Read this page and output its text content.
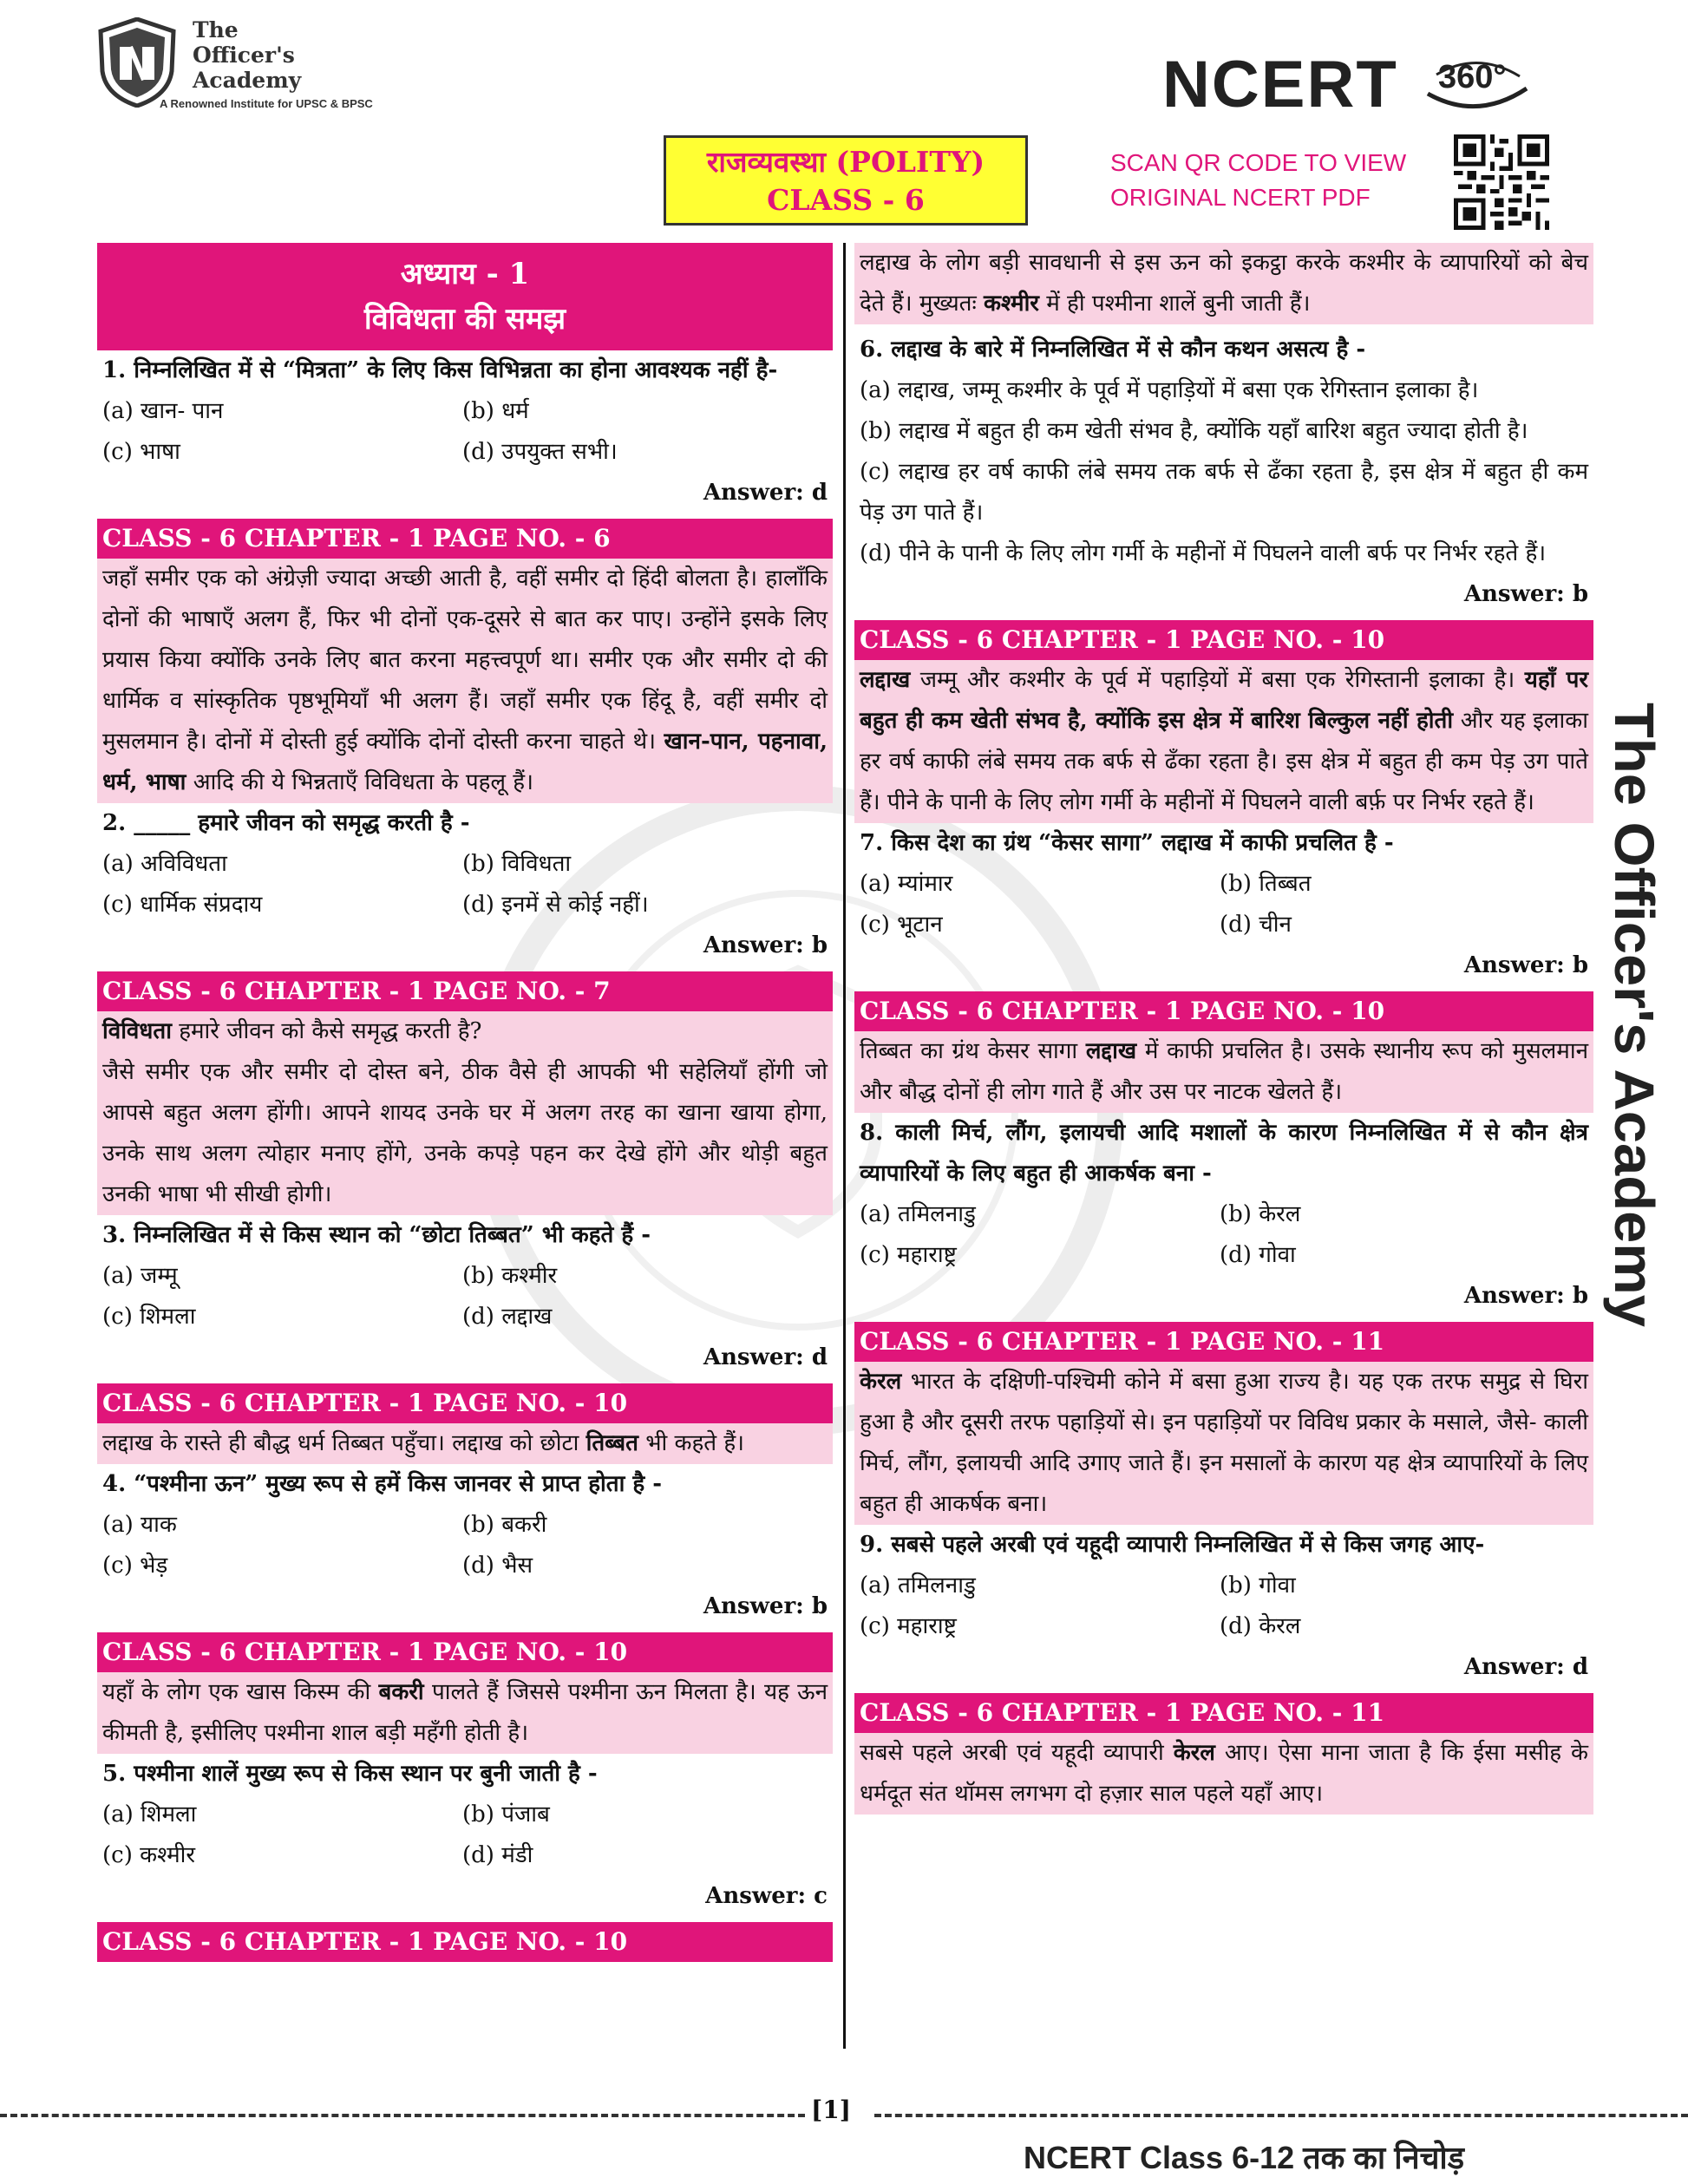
The
Officer's
Academy
A Renowned Institute for UPSC & BPSC	NCERT 360°
राजव्यवस्था (POLITY)
CLASS - 6
SCAN QR CODE TO VIEW
ORIGINAL NCERT PDF
अध्याय - 1
विविधता की समझ
1. निम्नलिखित में से “मित्रता” के लिए किस विभिन्नता का होना आवश्यक नहीं है-
(a) खान- पान	(b) धर्म
(c) भाषा	(d) उपयुक्त सभी।
Answer: d
CLASS - 6 CHAPTER - 1 PAGE NO. - 6
जहाँ समीर एक को अंग्रेज़ी ज्यादा अच्छी आती है, वहीं समीर दो हिंदी बोलता है। हालाँकि दोनों की भाषाएँ अलग हैं, फिर भी दोनों एक-दूसरे से बात कर पाए। उन्होंने इसके लिए प्रयास किया क्योंकि उनके लिए बात करना महत्त्वपूर्ण था। समीर एक और समीर दो की धार्मिक व सांस्कृतिक पृष्ठभूमियाँ भी अलग हैं। जहाँ समीर एक हिंदू है, वहीं समीर दो मुसलमान है। दोनों में दोस्ती हुई क्योंकि दोनों दोस्ती करना चाहते थे। खान-पान, पहनावा, धर्म, भाषा आदि की ये भिन्नताएँ विविधता के पहलू हैं।
2. _____ हमारे जीवन को समृद्ध करती है -
(a) अविविधता	(b) विविधता
(c) धार्मिक संप्रदाय	(d) इनमें से कोई नहीं।
Answer: b
CLASS - 6 CHAPTER - 1 PAGE NO. - 7
विविधता हमारे जीवन को कैसे समृद्ध करती है?
जैसे समीर एक और समीर दो दोस्त बने, ठीक वैसे ही आपकी भी सहेलियाँ होंगी जो आपसे बहुत अलग होंगी। आपने शायद उनके घर में अलग तरह का खाना खाया होगा, उनके साथ अलग त्योहार मनाए होंगे, उनके कपड़े पहन कर देखे होंगे और थोड़ी बहुत उनकी भाषा भी सीखी होगी।
3. निम्नलिखित में से किस स्थान को “छोटा तिब्बत” भी कहते हैं -
(a) जम्मू	(b) कश्मीर
(c) शिमला	(d) लद्दाख
Answer: d
CLASS - 6 CHAPTER - 1 PAGE NO. - 10
लद्दाख के रास्ते ही बौद्ध धर्म तिब्बत पहुँचा। लद्दाख को छोटा तिब्बत भी कहते हैं।
4. “पश्मीना ऊन” मुख्य रूप से हमें किस जानवर से प्राप्त होता है -
(a) याक	(b) बकरी
(c) भेड़	(d) भैस
Answer: b
CLASS - 6 CHAPTER - 1 PAGE NO. - 10
यहाँ के लोग एक खास किस्म की बकरी पालते हैं जिससे पश्मीना ऊन मिलता है। यह ऊन कीमती है, इसीलिए पश्मीना शाल बड़ी महँगी होती है।
5. पश्मीना शालें मुख्य रूप से किस स्थान पर बुनी जाती है -
(a) शिमला	(b) पंजाब
(c) कश्मीर	(d) मंडी
Answer: c
CLASS - 6 CHAPTER - 1 PAGE NO. - 10
लद्दाख के लोग बड़ी सावधानी से इस ऊन को इकट्ठा करके कश्मीर के व्यापारियों को बेच देते हैं। मुख्यतः कश्मीर में ही पश्मीना शालें बुनी जाती हैं।
6. लद्दाख के बारे में निम्नलिखित में से कौन कथन असत्य है -
(a) लद्दाख, जम्मू कश्मीर के पूर्व में पहाड़ियों में बसा एक रेगिस्तान इलाका है।
(b) लद्दाख में बहुत ही कम खेती संभव है, क्योंकि यहाँ बारिश बहुत ज्यादा होती है।
(c) लद्दाख हर वर्ष काफी लंबे समय तक बर्फ से ढँका रहता है, इस क्षेत्र में बहुत ही कम पेड़ उग पाते हैं।
(d) पीने के पानी के लिए लोग गर्मी के महीनों में पिघलने वाली बर्फ पर निर्भर रहते हैं।
Answer: b
CLASS - 6 CHAPTER - 1 PAGE NO. - 10
लद्दाख जम्मू और कश्मीर के पूर्व में पहाड़ियों में बसा एक रेगिस्तानी इलाका है। यहाँ पर बहुत ही कम खेती संभव है, क्योंकि इस क्षेत्र में बारिश बिल्कुल नहीं होती और यह इलाका हर वर्ष काफी लंबे समय तक बर्फ से ढँका रहता है। इस क्षेत्र में बहुत ही कम पेड़ उग पाते हैं। पीने के पानी के लिए लोग गर्मी के महीनों में पिघलने वाली बर्फ़ पर निर्भर रहते हैं।
7. किस देश का ग्रंथ “केसर सागा” लद्दाख में काफी प्रचलित है -
(a) म्यांमार	(b) तिब्बत
(c) भूटान	(d) चीन
Answer: b
CLASS - 6 CHAPTER - 1 PAGE NO. - 10
तिब्बत का ग्रंथ केसर सागा लद्दाख में काफी प्रचलित है। उसके स्थानीय रूप को मुसलमान और बौद्ध दोनों ही लोग गाते हैं और उस पर नाटक खेलते हैं।
8. काली मिर्च, लौंग, इलायची आदि मशालों के कारण निम्नलिखित में से कौन क्षेत्र व्यापारियों के लिए बहुत ही आकर्षक बना -
(a) तमिलनाडु	(b) केरल
(c) महाराष्ट्र	(d) गोवा
Answer: b
CLASS - 6 CHAPTER - 1 PAGE NO. - 11
केरल भारत के दक्षिणी-पश्चिमी कोने में बसा हुआ राज्य है। यह एक तरफ समुद्र से घिरा हुआ है और दूसरी तरफ पहाड़ियों से। इन पहाड़ियों पर विविध प्रकार के मसाले, जैसे- काली मिर्च, लौंग, इलायची आदि उगाए जाते हैं। इन मसालों के कारण यह क्षेत्र व्यापारियों के लिए बहुत ही आकर्षक बना।
9. सबसे पहले अरबी एवं यहूदी व्यापारी निम्नलिखित में से किस जगह आए-
(a) तमिलनाडु	(b) गोवा
(c) महाराष्ट्र	(d) केरल
Answer: d
CLASS - 6 CHAPTER - 1 PAGE NO. - 11
सबसे पहले अरबी एवं यहूदी व्यापारी केरल आए। ऐसा माना जाता है कि ईसा मसीह के धर्मदूत संत थॉमस लगभग दो हज़ार साल पहले यहाँ आए।
The Officer's Academy
[1]
NCERT Class 6-12 तक का निचोड़
